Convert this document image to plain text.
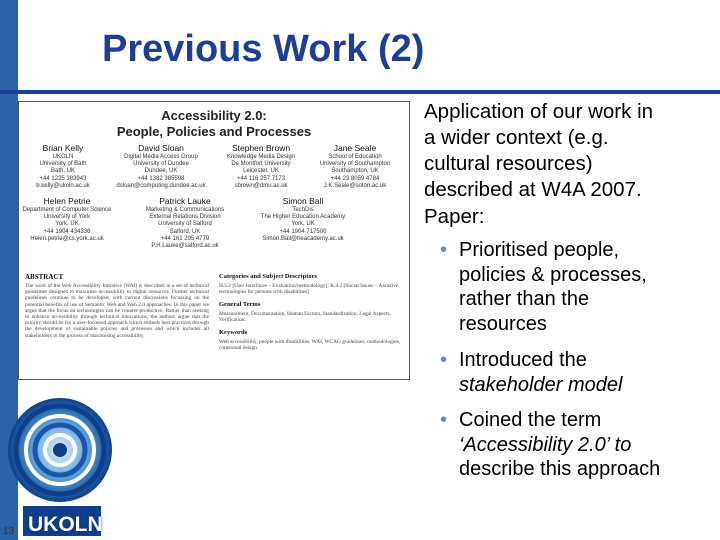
Previous Work (2)
Accessibility 2.0:
People, Policies and Processes
Brian Kelly
UKOLN
University of Bath
Bath, UK
+44 1225 383943
b.kelly@ukoln.ac.uk
David Sloan
Digital Media Access Group
University of Dundee
Dundee, UK
+44 1382 385598
dsloan@computing.dundee.ac.uk
Stephen Brown
Knowledge Media Design
De Montfort University
Leicester, UK
+44 116 257 7173
sbrown@dmu.ac.uk
Jane Seale
School of Education
University of Southampton
Southampton, UK
+44 23 8059 4784
J.K.Seale@soton.ac.uk
Helen Petrie
Department of Computer Science
University of York
York, UK
+44 1904 434336
Helen.petrie@cs.york.ac.uk
Patrick Lauke
Marketing & Communications
External Relations Division
University of Salford
Salford, UK
+44 161 295 4779
P.H.Lauke@salford.ac.uk
Simon Ball
TechDis
The Higher Education Academy
York, UK
+44 1904 717500
Simon.Ball@heacademy.ac.uk
ABSTRACT
The work of the Web Accessibility Initiative (WAI) is described in a set of technical guidelines designed to maximise accessibility to digital resources. Further technical guidelines continue to be developed, with current discussions focussing on the potential benefits of use of Semantic Web and Web 2.0 approaches. In this paper we argue that the focus on technologies can be counter-productive. Rather than seeking to enhance accessibility through technical innovations, the authors argue that the priority should be for a user-focussed approach which embeds best practices through the development of sustainable policies and processes and which includes all stakeholders in the process of maximising accessibility.
Categories and Subject Descriptors
H.5.2 [User Interfaces – Evaluation/methodology]; K.4.2 [Social Issues – Assistive technologies for persons with disabilities]
General Terms
Measurement, Documentation, Human Factors, Standardization, Legal Aspects, Verification.
Keywords
Web accessibility, people with disabilities, WAI, WCAG guidelines, methodologies, contextual design
Application of our work in
a wider context (e.g.
cultural resources)
described at W4A 2007.
Paper:
• Prioritised people,
policies & processes,
rather than the
resources
• Introduced the
stakeholder model
• Coined the term
‘Accessibility 2.0’ to
describe this approach
UKOLN
13
